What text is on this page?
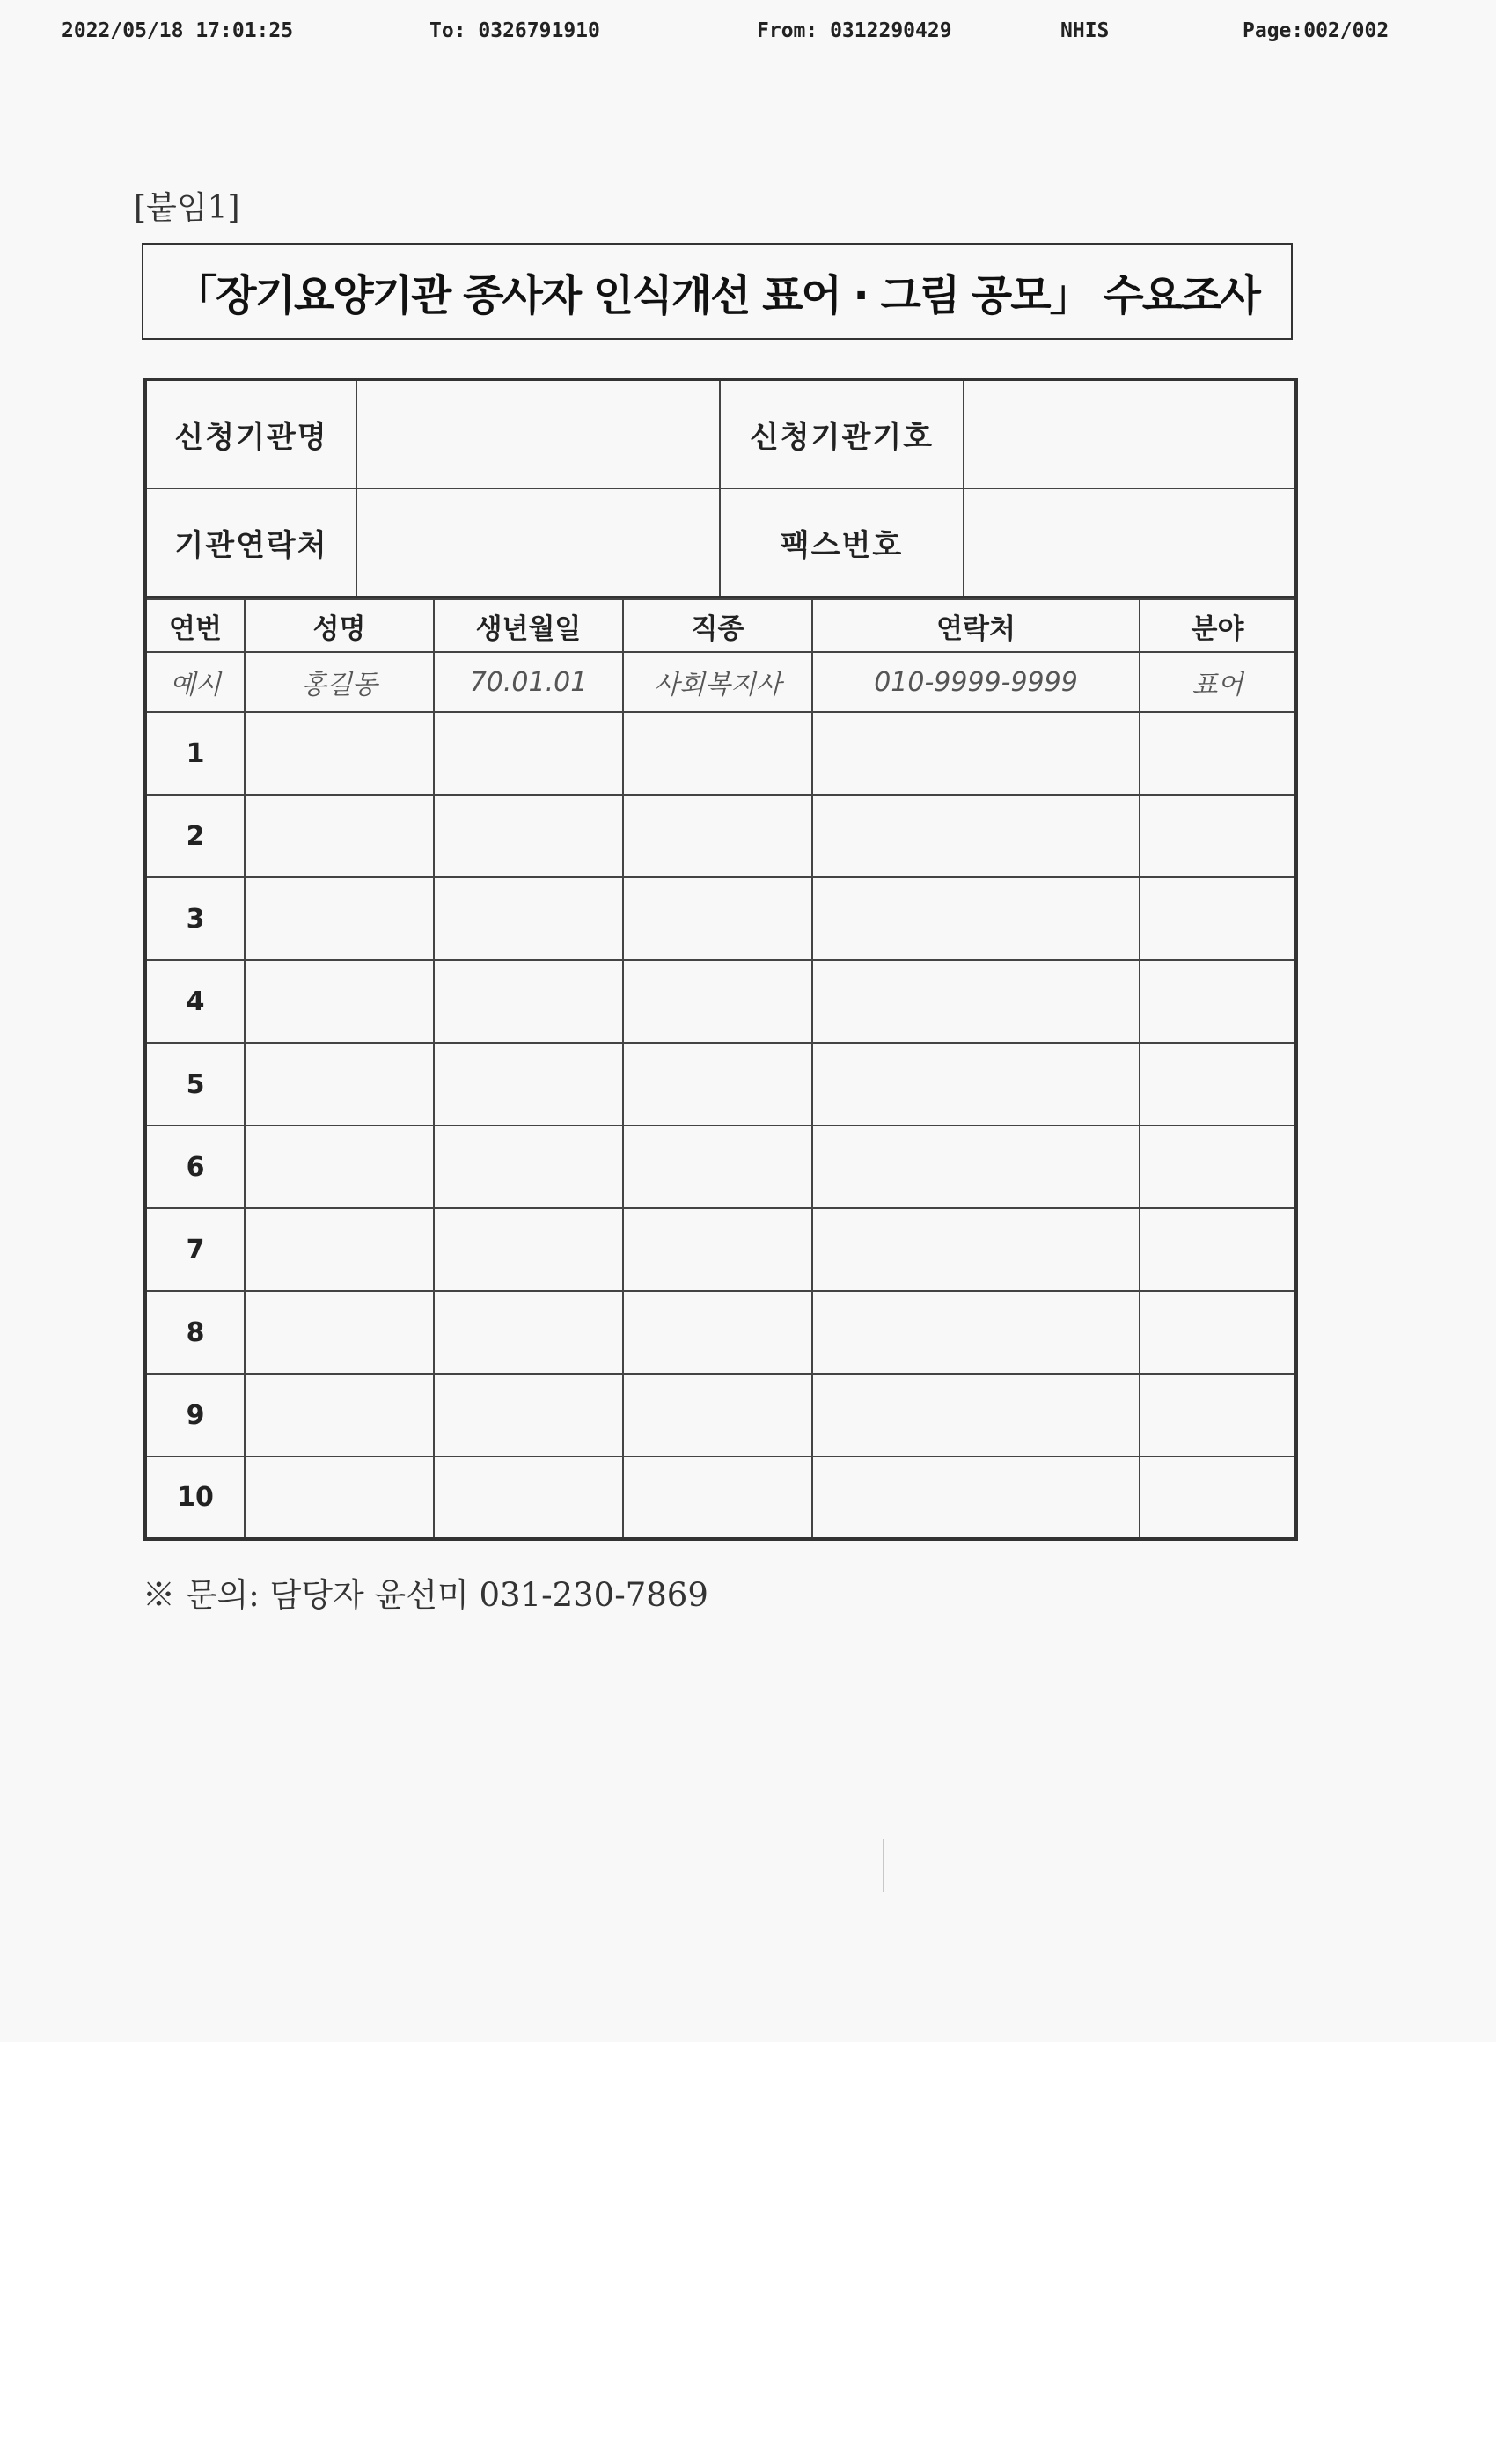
2022/05/18 17:01:25	To: 0326791910	From: 0312290429	NHIS	Page:002/002
[붙임1]
「장기요양기관 종사자 인식개선 표어 · 그림 공모」 수요조사
신청기관명		신청기관기호	
기관연락처		팩스번호	
연번	성명	생년월일	직종	연락처	분야
예시	홍길동	70.01.01	사회복지사	010-9999-9999	표어
1					
2					
3					
4					
5					
6					
7					
8					
9					
10					
※ 문의: 담당자 윤선미 031-230-7869
